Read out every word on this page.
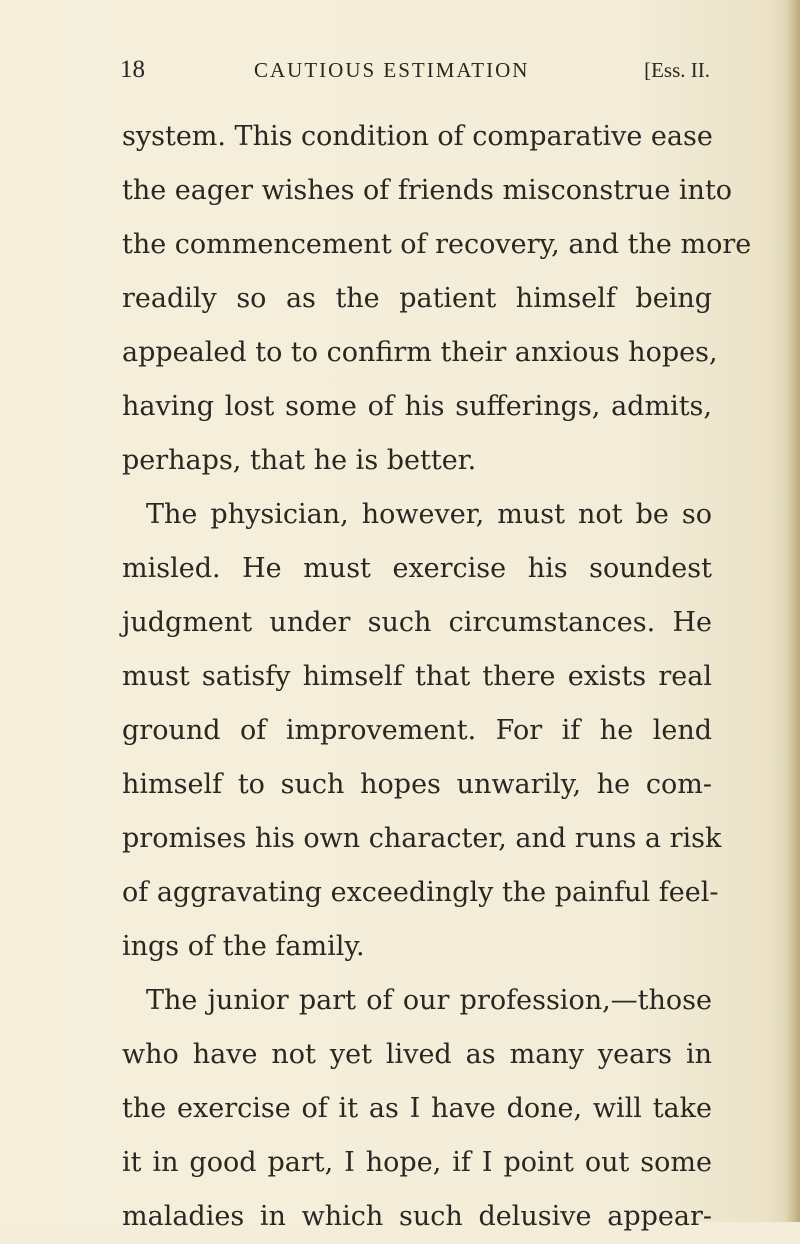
18	CAUTIOUS ESTIMATION	[Ess. II.
system. This condition of comparative ease
the eager wishes of friends misconstrue into
the commencement of recovery, and the more
readily so as the patient himself being
appealed to to confirm their anxious hopes,
having lost some of his sufferings, admits,
perhaps, that he is better.
The physician, however, must not be so
misled. He must exercise his soundest
judgment under such circumstances. He
must satisfy himself that there exists real
ground of improvement. For if he lend
himself to such hopes unwarily, he com-
promises his own character, and runs a risk
of aggravating exceedingly the painful feel-
ings of the family.
The junior part of our profession,—those
who have not yet lived as many years in
the exercise of it as I have done, will take
it in good part, I hope, if I point out some
maladies in which such delusive appear-
